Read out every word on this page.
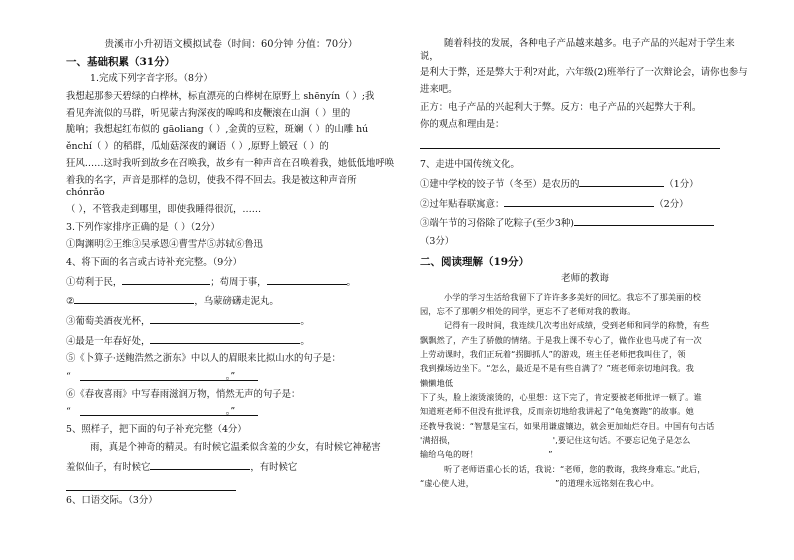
贵溪市小升初语文模拟试卷（时间：60分钟 分值：70分）
一、基础积累（31分）
1.完成下列字音字形。（8分）
我想起那参天碧绿的白桦林，标直漂亮的白桦树在原野上 shēnyín（ ）;我
看见奔流似的马群，听见蒙古狗深夜的嗥鸣和皮鞭滚在山涧（ ）里的
脆响；我想起红布似的 gāoliang（ ）,金黄的豆粒，斑斓（ ）的山雕 hú
ěnchí（ ）的稻群，瓜灿菇深夜的谰语（ ）,原野上锻冠（ ）的
狂风……这时我听到故乡在召唤我，故乡有一种声音在召唤着我，她低低地呼唤
着我的名字，声音是那样的急切，使我不得不回去。我是被这种声音所 chónrǎo
（ ），不管我走到哪里，即使我睡得很沉，……
3.下列作家排序正确的是（ ）（2分）
①陶渊明②王维③吴承恩④曹雪芹⑤苏轼⑥鲁迅
4、将下面的名言或古诗补充完整。（9分）
①苟利于民，	；苟周于事，	。
②	，乌蒙磅礴走泥丸。
③葡萄美酒夜光杯，	。
④最是一年春好处，	。
⑤《卜算子·送鲍浩然之浙东》中以人的眉眼来比拟山水的句子是：
“                                                    。”
⑥《春夜喜雨》中写春雨滋润万物，悄然无声的句子是：
“                                                    。”
5、照样子，把下面的句子补充完整（4分）
雨，真是个神奇的精灵。有时候它温柔似含羞的少女，有时候它神秘害
羞似仙子，有时候它	，有时候它
6、口语交际。（3分）
随着科技的发展，各种电子产品越来越多。电子产品的兴起对于学生来说，
是利大于弊，还是弊大于利?对此，六年级(2)班举行了一次辩论会，请你也参与
进来吧。
正方：电子产品的兴起利大于弊。反方：电子产品的兴起弊大于利。
你的观点和理由是：
7、走进中国传统文化。
①建中学校的饺子节（冬至）是农历的	（1分）
②过年贴春联寓意：	（2分）
③端午节的习俗除了吃粽子(至少3种)
（3分）
二、阅读理解（19分）
老师的教诲
小学的学习生活给我留下了许许多多美好的回忆。我忘不了那美丽的校
园，忘不了那朝夕相处的同学，更忘不了老师对我的教诲。
记得有一段时间，我连续几次考出好成绩，受到老师和同学的称赞，有些
飘飘然了，产生了骄傲的情绪。于是我上课不专心了，做作业也马虎了有一次
上劳动课时，我们正玩着“拐脚抓人”的游戏，班主任老师把我叫住了，领
我到操场边坐下。“怎么，最近是不是有些自满了？”班老师亲切地问我。我
懒懒地低
下了头，脸上滚烫滚烫的，心里想：这下完了，肯定要被老师批评一顿了。谁
知道班老师不但没有批评我，反而亲切地给我讲起了“龟兔赛跑”的故事。她
还教导我说：“智慧是宝石，如果用谦虚镶边，就会更加灿烂夺目。中国有句古话
'满招损，                                    ',要记住这句话。不要忘记兔子是怎么
输给乌龟的呀！                          ”
听了老师语重心长的话，我说：“老师，您的教诲，我终身难忘。”此后，
“虚心使人进，                              ”的道理永远铭刻在我心中。
